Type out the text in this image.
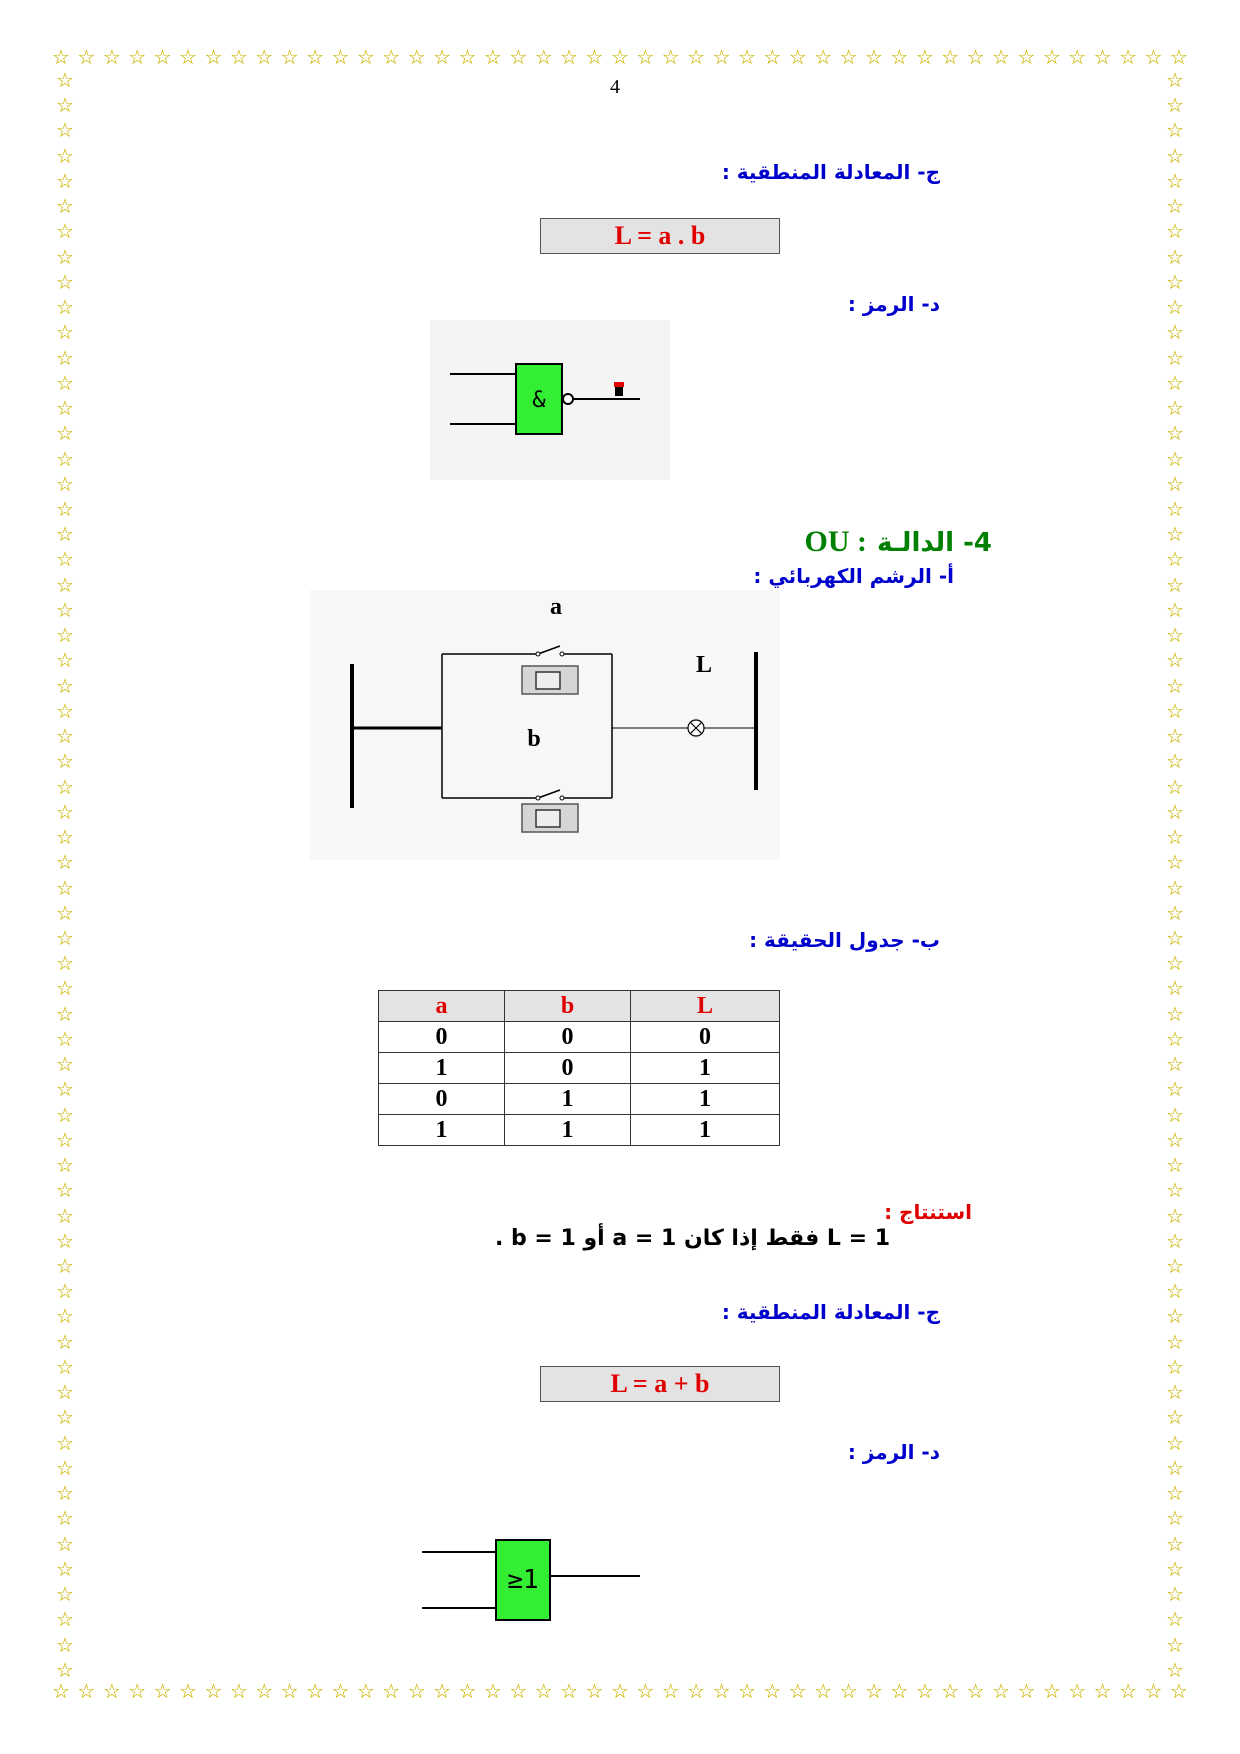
☆ ☆ ☆ ☆ ☆ ☆ ☆ ☆ ☆ ☆ ☆ ☆ ☆ ☆ ☆ ☆ ☆ ☆ ☆ ☆ ☆ ☆ ☆ ☆ ☆ ☆ ☆ ☆ ☆ ☆ ☆ ☆ ☆ ☆ ☆ ☆ ☆ ☆ ☆ ☆ ☆ ☆ ☆ ☆ ☆
☆ ☆ ☆ ☆ ☆ ☆ ☆ ☆ ☆ ☆ ☆ ☆ ☆ ☆ ☆ ☆ ☆ ☆ ☆ ☆ ☆ ☆ ☆ ☆ ☆ ☆ ☆ ☆ ☆ ☆ ☆ ☆ ☆ ☆ ☆ ☆ ☆ ☆ ☆ ☆ ☆ ☆ ☆ ☆ ☆
☆
☆
☆
☆
☆
☆
☆
☆
☆
☆
☆
☆
☆
☆
☆
☆
☆
☆
☆
☆
☆
☆
☆
☆
☆
☆
☆
☆
☆
☆
☆
☆
☆
☆
☆
☆
☆
☆
☆
☆
☆
☆
☆
☆
☆
☆
☆
☆
☆
☆
☆
☆
☆
☆
☆
☆
☆
☆
☆
☆
☆
☆
☆
☆
☆
☆
☆
☆
☆
☆
☆
☆
☆
☆
☆
☆
☆
☆
☆
☆
☆
☆
☆
☆
☆
☆
☆
☆
☆
☆
☆
☆
☆
☆
☆
☆
☆
☆
☆
☆
☆
☆
☆
☆
☆
☆
☆
☆
☆
☆
☆
☆
☆
☆
☆
☆
☆
☆
☆
☆
☆
☆
☆
☆
☆
☆
☆
☆
4
ج- المعادلة المنطقية :
L = a . b
د- الرمز :
&
4- الدالـة
OU :
أ- الرشم الكهربائي :
a
b
L
ب- جدول الحقيقة :
a	b	L
0	0	0
1	0	1
0	1	1
1	1	1
استنتاج :
L = 1 فقط إذا كان a = 1 أو b = 1 .
ج- المعادلة المنطقية :
L = a + b
د- الرمز :
≥1
